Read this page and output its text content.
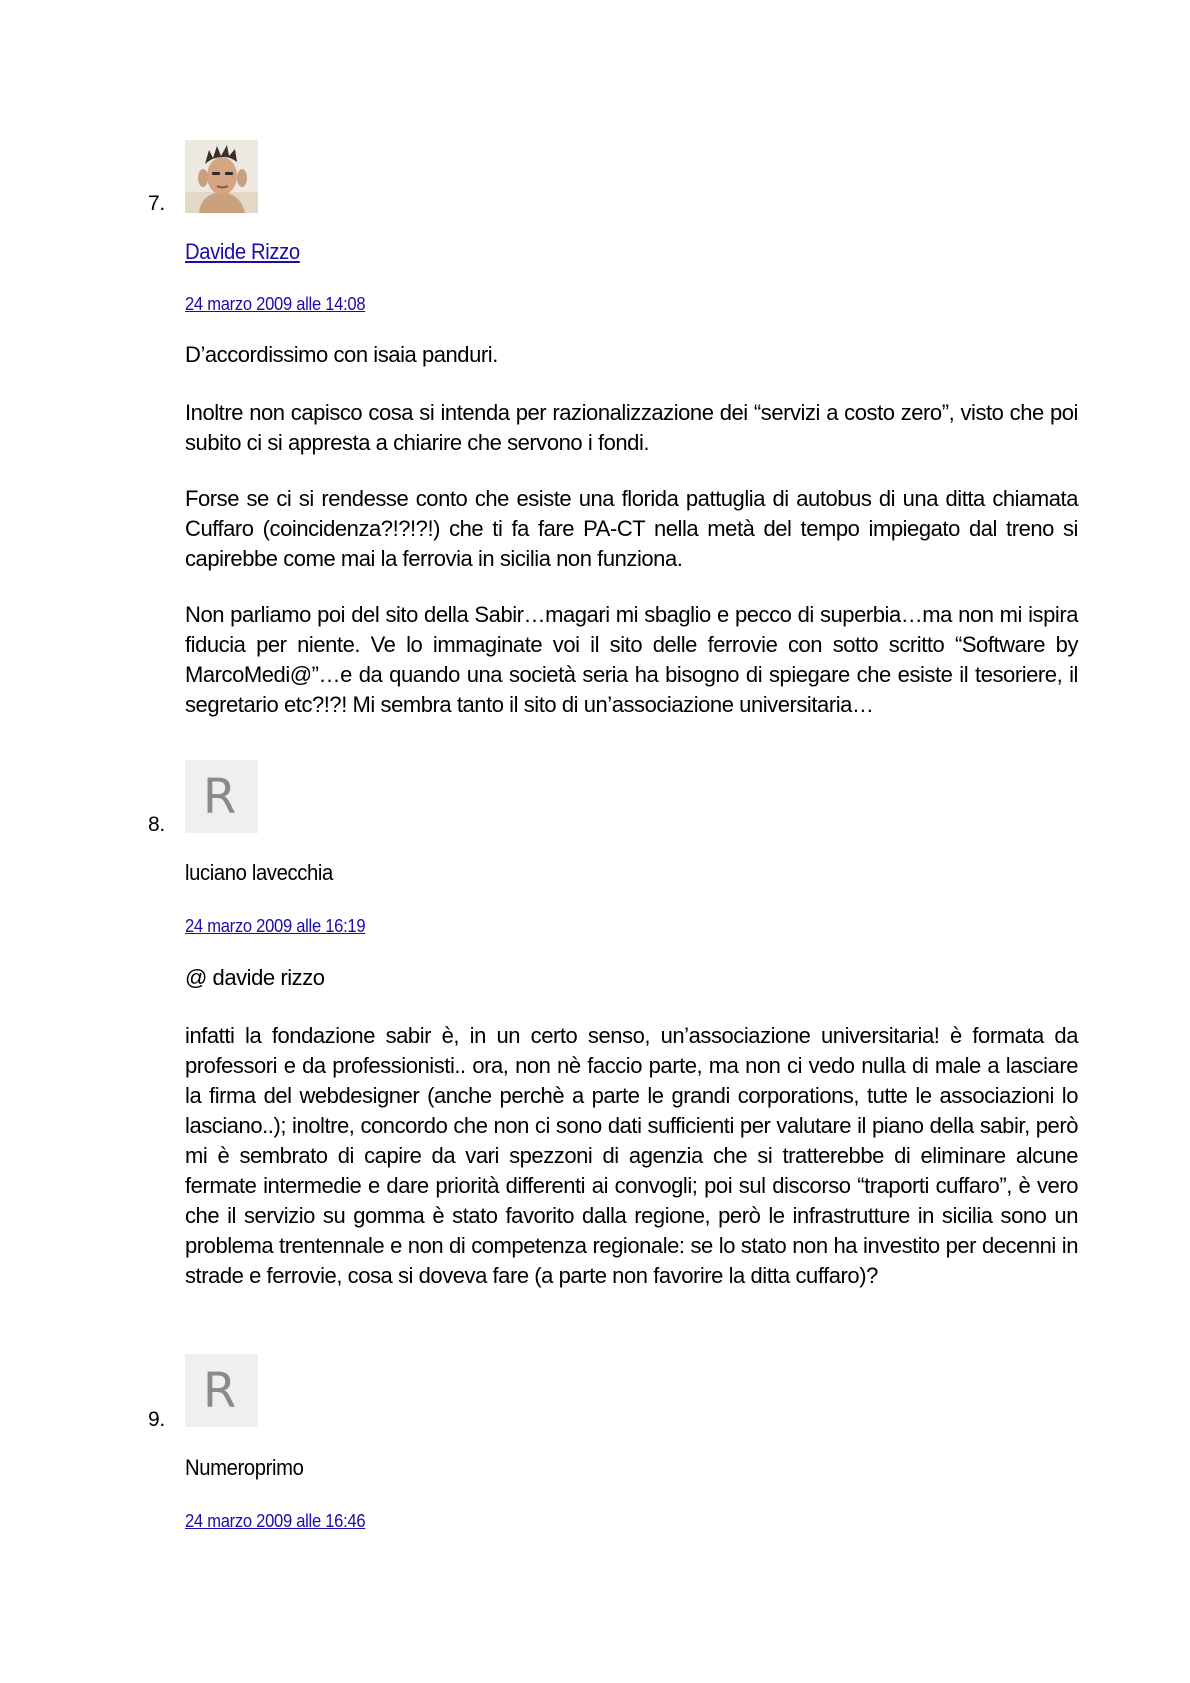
7.
Davide Rizzo
24 marzo 2009 alle 14:08

D’accordissimo con isaia panduri.

Inoltre non capisco cosa si intenda per razionalizzazione dei “servizi a costo zero”, visto che poi subito ci si appresta a chiarire che servono i fondi.

Forse se ci si rendesse conto che esiste una florida pattuglia di autobus di una ditta chiamata Cuffaro (coincidenza?!?!?!) che ti fa fare PA-CT nella metà del tempo impiegato dal treno si capirebbe come mai la ferrovia in sicilia non funziona.

Non parliamo poi del sito della Sabir…magari mi sbaglio e pecco di superbia…ma non mi ispira fiducia per niente. Ve lo immaginate voi il sito delle ferrovie con sotto scritto “Software by MarcoMedi@”…e da quando una società seria ha bisogno di spiegare che esiste il tesoriere, il segretario etc?!?! Mi sembra tanto il sito di un’associazione universitaria…

8. R
luciano lavecchia
24 marzo 2009 alle 16:19

@ davide rizzo

infatti la fondazione sabir è, in un certo senso, un’associazione universitaria! è formata da professori e da professionisti.. ora, non nè faccio parte, ma non ci vedo nulla di male a lasciare la firma del webdesigner (anche perchè a parte le grandi corporations, tutte le associazioni lo lasciano..); inoltre, concordo che non ci sono dati sufficienti per valutare il piano della sabir, però mi è sembrato di capire da vari spezzoni di agenzia che si tratterebbe di eliminare alcune fermate intermedie e dare priorità differenti ai convogli; poi sul discorso “traporti cuffaro”, è vero che il servizio su gomma è stato favorito dalla regione, però le infrastrutture in sicilia sono un problema trentennale e non di competenza regionale: se lo stato non ha investito per decenni in strade e ferrovie, cosa si doveva fare (a parte non favorire la ditta cuffaro)?

9.
R
Numeroprimo
24 marzo 2009 alle 16:46
